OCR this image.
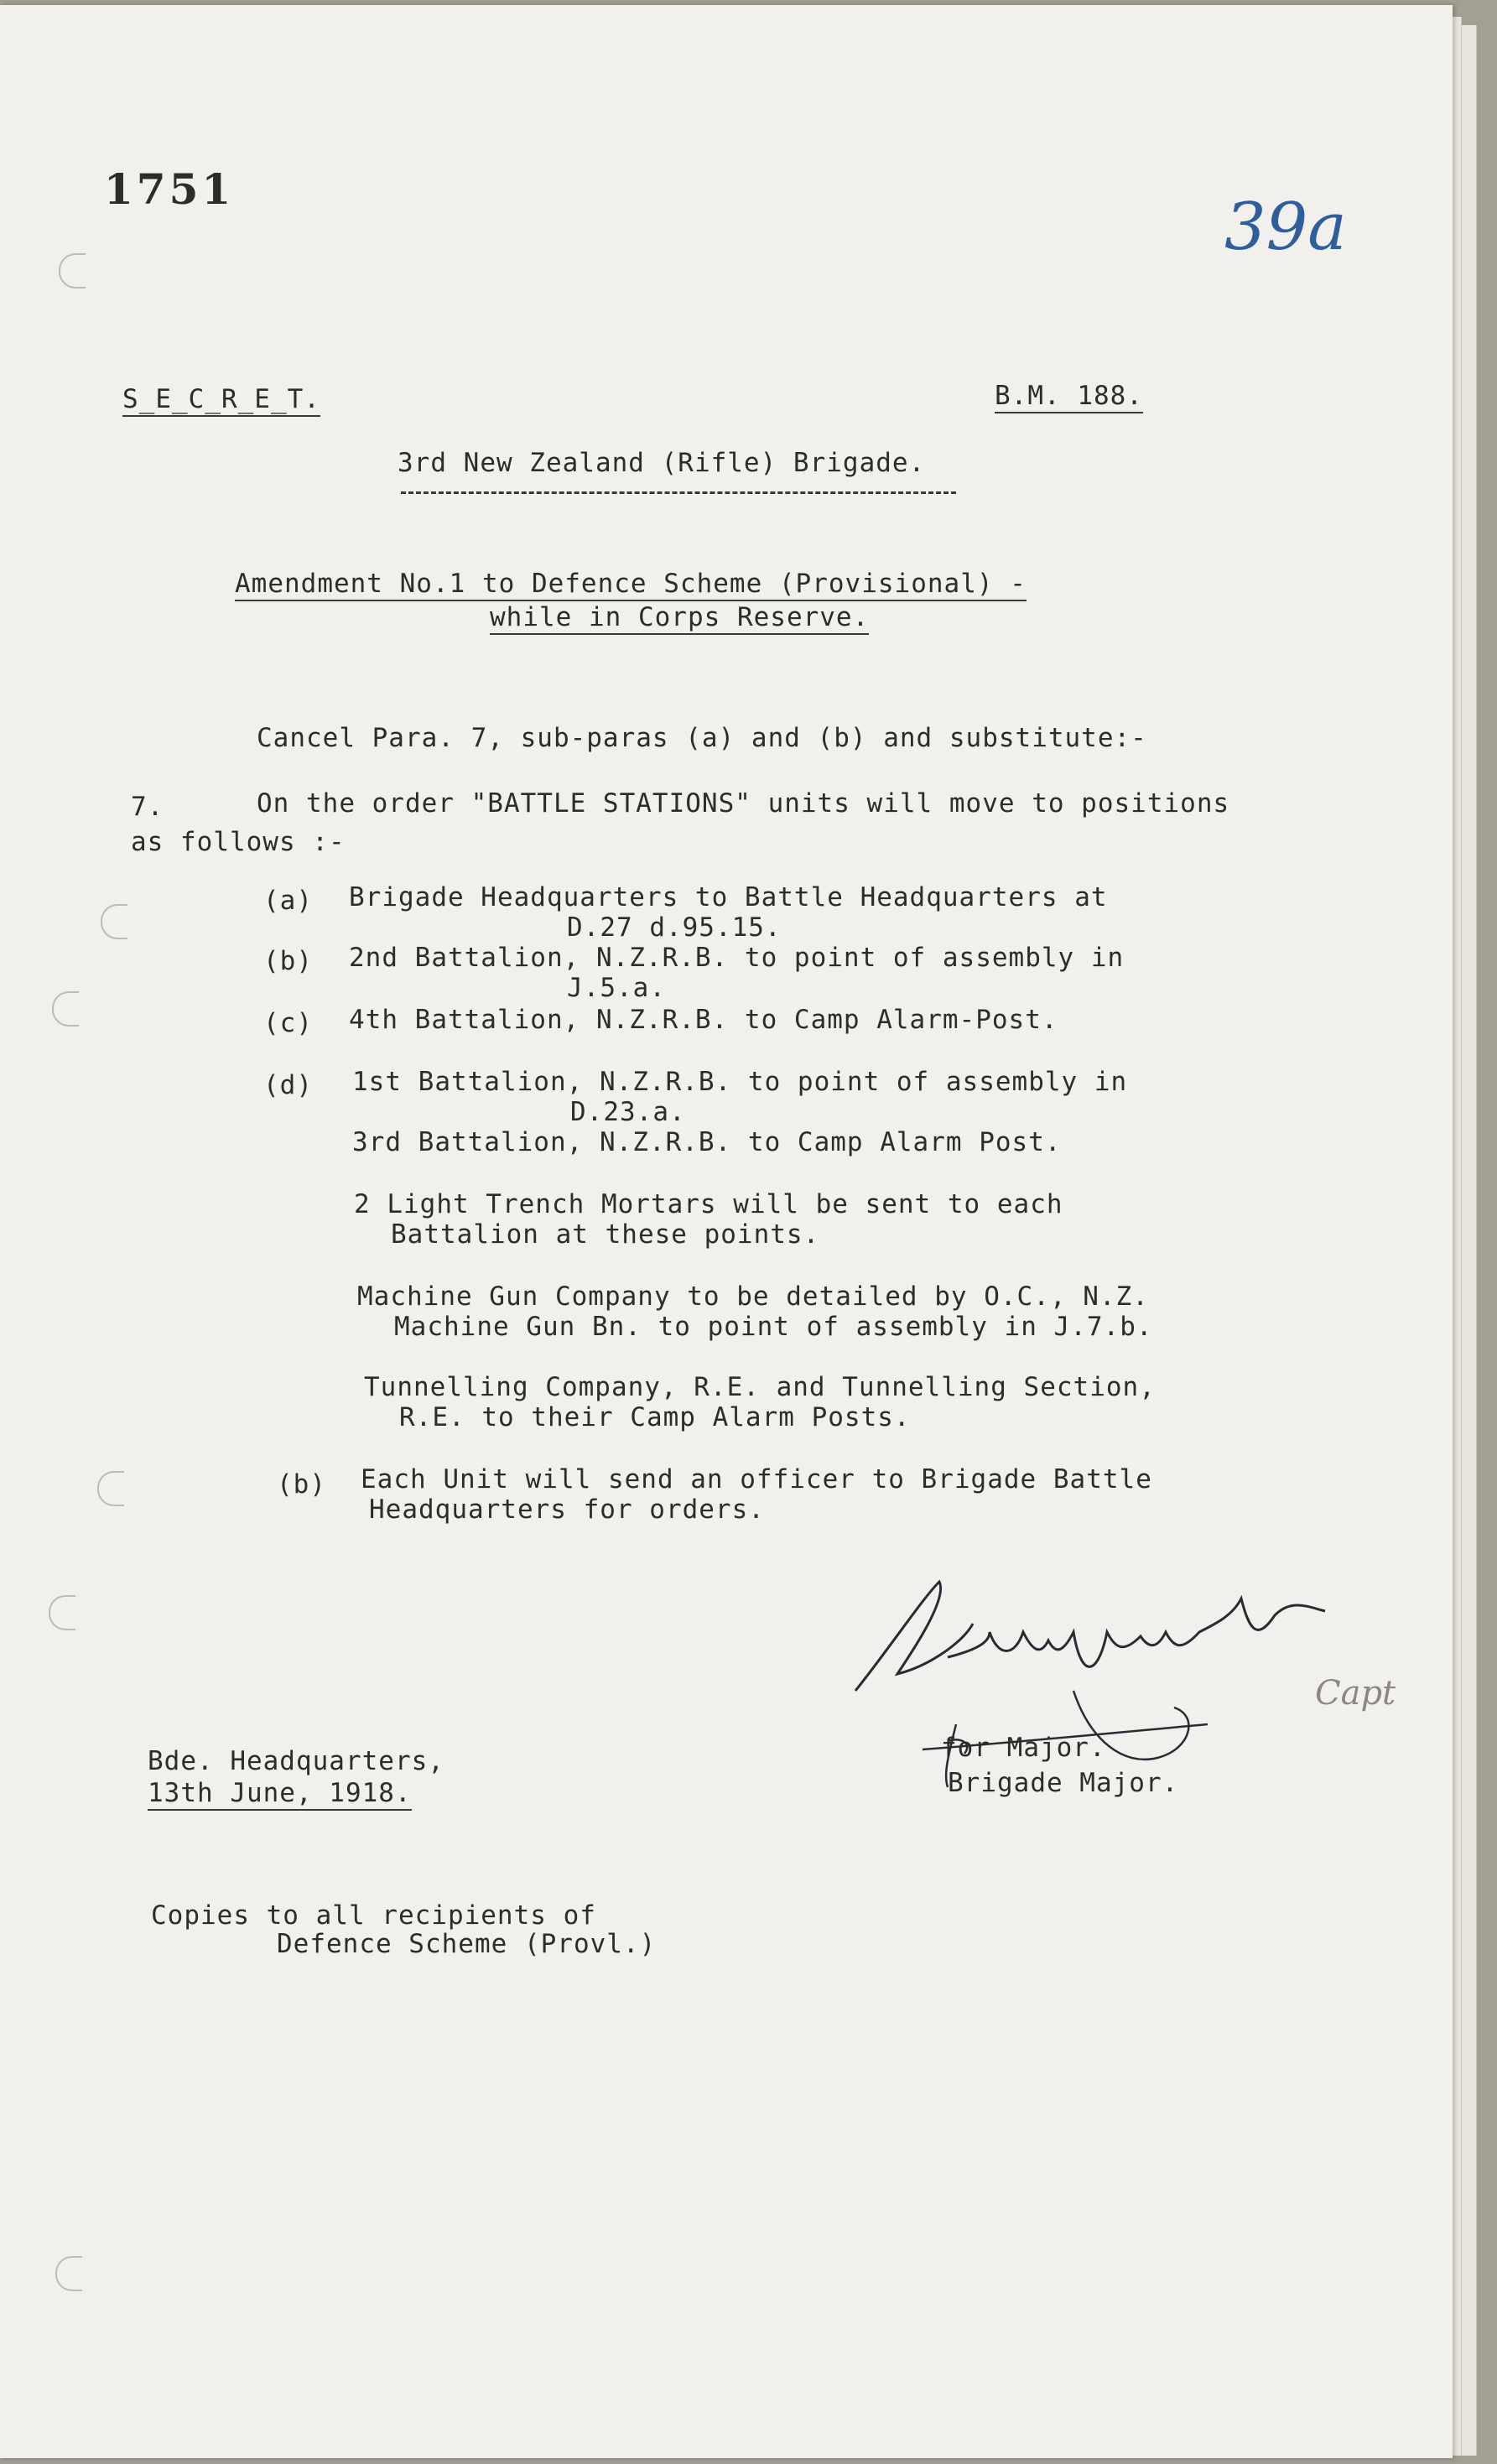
1751
39a
S_E_C_R_E_T.	B.M. 188.
3rd New Zealand (Rifle) Brigade.
Amendment No.1 to Defence Scheme (Provisional) -
while in Corps Reserve.
Cancel Para. 7, sub-paras (a) and (b) and substitute:-
7.	On the order "BATTLE STATIONS" units will move to positions
as follows :-
(a) Brigade Headquarters to Battle Headquarters at
D.27 d.95.15.
(b) 2nd Battalion, N.Z.R.B. to point of assembly in
J.5.a.
(c) 4th Battalion, N.Z.R.B. to Camp Alarm-Post.
(d) 1st Battalion, N.Z.R.B. to point of assembly in
D.23.a.
3rd Battalion, N.Z.R.B. to Camp Alarm Post.
2 Light Trench Mortars will be sent to each
Battalion at these points.
Machine Gun Company to be detailed by O.C., N.Z.
Machine Gun Bn. to point of assembly in J.7.b.
Tunnelling Company, R.E. and Tunnelling Section,
R.E. to their Camp Alarm Posts.
(b) Each Unit will send an officer to Brigade Battle
Headquarters for orders.
Capt
for Major.
Brigade Major.
Bde. Headquarters,
13th June, 1918.
Copies to all recipients of
Defence Scheme (Provl.)
